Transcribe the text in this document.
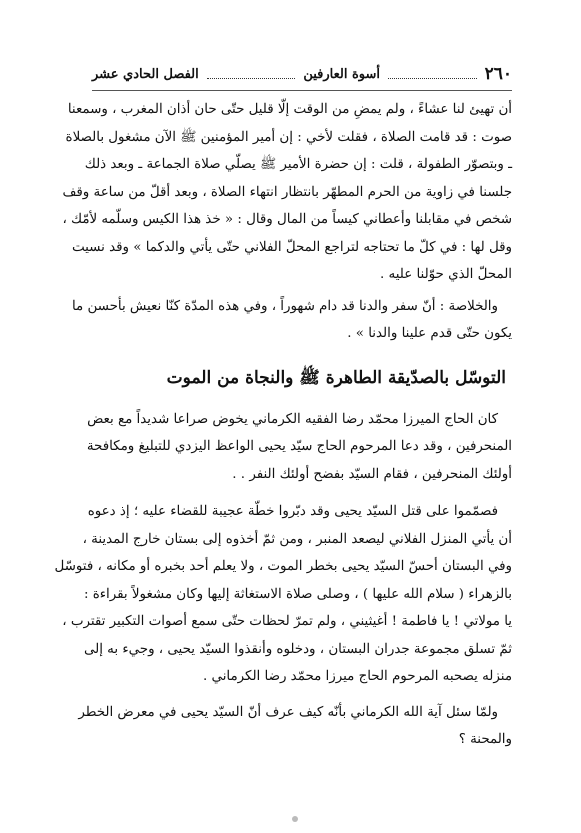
٢٦٠
أسوة العارفين
الفصل الحادي عشر

أن تهيئ لنا عشاءً ، ولم يمضِ من الوقت إلّا قليل حتّى حان أذان المغرب ، وسمعنا
صوت : قد قامت الصلاة ، فقلت لأخي : إن أمير المؤمنين ﷺ الآن مشغول بالصلاة
ـ وبتصوّر الطفولة ، قلت : إن حضرة الأمير ﷺ يصلّي صلاة الجماعة ـ وبعد ذلك
جلسنا في زاوية من الحرم المطهّر بانتظار انتهاء الصلاة ، وبعد أقلّ من ساعة وقف
شخص في مقابلنا وأعطاني كيساً من المال وقال : « خذ هذا الكيس وسلّمه لأمّك ،
وقل لها : في كلّ ما تحتاجه لتراجع المحلّ الفلاني حتّى يأتي والدكما » وقد نسيت
المحلّ الذي حوّلنا عليه .

والخلاصة : أنّ سفر والدنا قد دام شهوراً ، وفي هذه المدّة كنّا نعيش بأحسن ما
يكون حتّى قدم علينا والدنا » .

التوسّل بالصدّيقة الطاهرة ﷺ والنجاة من الموت

كان الحاج الميرزا محمّد رضا الفقيه الكرماني يخوض صراعا شديداً مع بعض
المنحرفين ، وقد دعا المرحوم الحاج سيّد يحيى الواعظ اليزدي للتبليغ ومكافحة
أولئك المنحرفين ، فقام السيّد بفضح أولئك النفر . .

فصمّموا على قتل السيّد يحيى وقد دبّروا خطّة عجيبة للقضاء عليه ؛ إذ دعوه
أن يأتي المنزل الفلاني ليصعد المنبر ، ومن ثمّ أخذوه إلى بستان خارج المدينة ،
وفي البستان أحسّ السيّد يحيى بخطر الموت ، ولا يعلم أحد بخبره أو مكانه ، فتوسّل
بالزهراء ( سلام الله عليها ) ، وصلى صلاة الاستغاثة إليها وكان مشغولاً بقراءة :
يا مولاتي ! يا فاطمة ! أغيثيني ، ولم تمرّ لحظات حتّى سمع أصوات التكبير تقترب ،
ثمّ تسلق مجموعة جدران البستان ، ودخلوه وأنقذوا السيّد يحيى ، وجيء به إلى
منزله يصحبه المرحوم الحاج ميرزا محمّد رضا الكرماني .

ولمّا سئل آية الله الكرماني بأنّه كيف عرف أنّ السيّد يحيى في معرض الخطر
والمحنة ؟
